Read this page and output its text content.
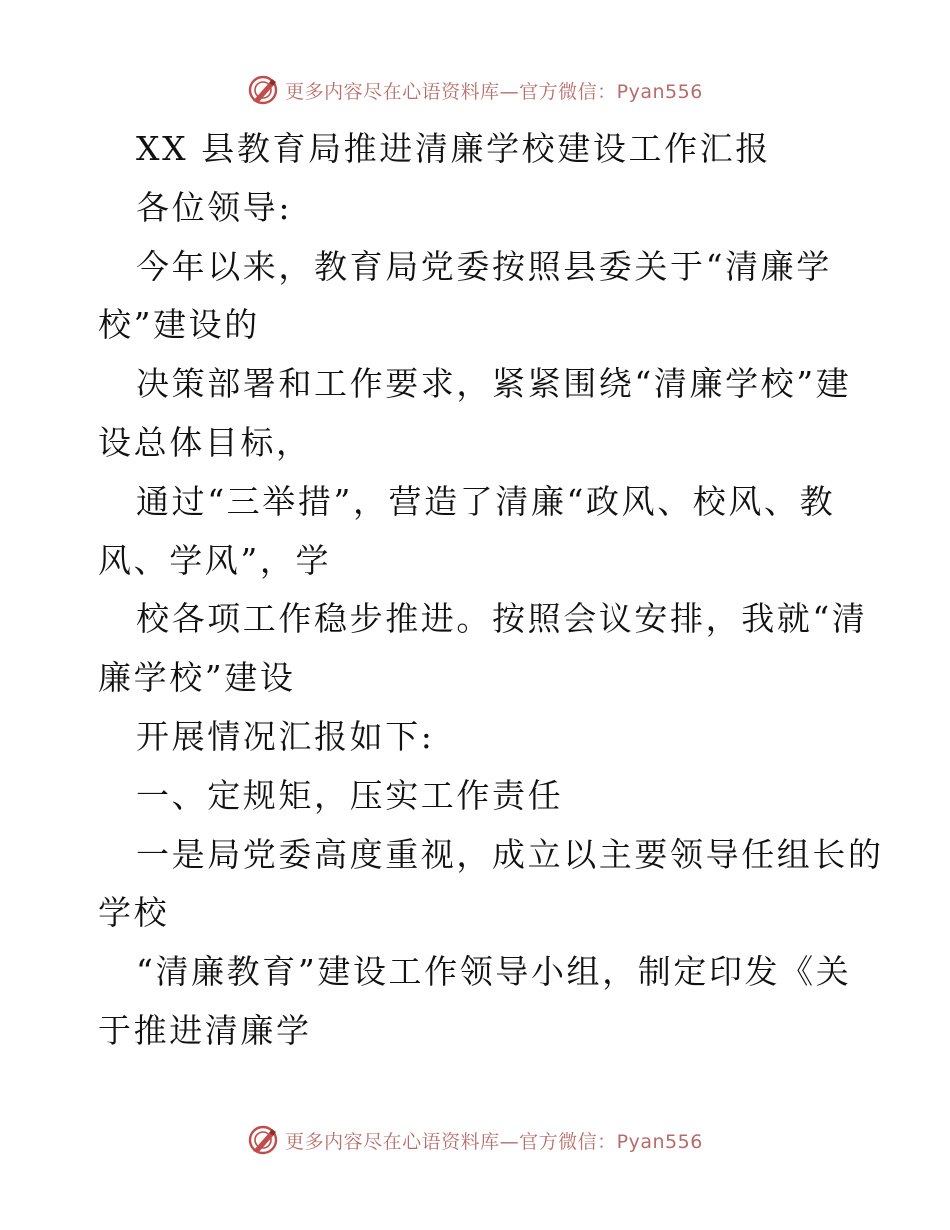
更多内容尽在心语资料库—官方微信：Pyan556
XX 县教育局推进清廉学校建设工作汇报
各位领导:
今年以来，教育局党委按照县委关于“清廉学
校”建设的
决策部署和工作要求，紧紧围绕“清廉学校”建
设总体目标，
通过“三举措”，营造了清廉“政风、校风、教
风、学风”，学
校各项工作稳步推进。按照会议安排，我就“清
廉学校”建设
开展情况汇报如下:
一、定规矩，压实工作责任
一是局党委高度重视，成立以主要领导任组长的
学校
“清廉教育”建设工作领导小组，制定印发《关
于推进清廉学
更多内容尽在心语资料库—官方微信：Pyan556
